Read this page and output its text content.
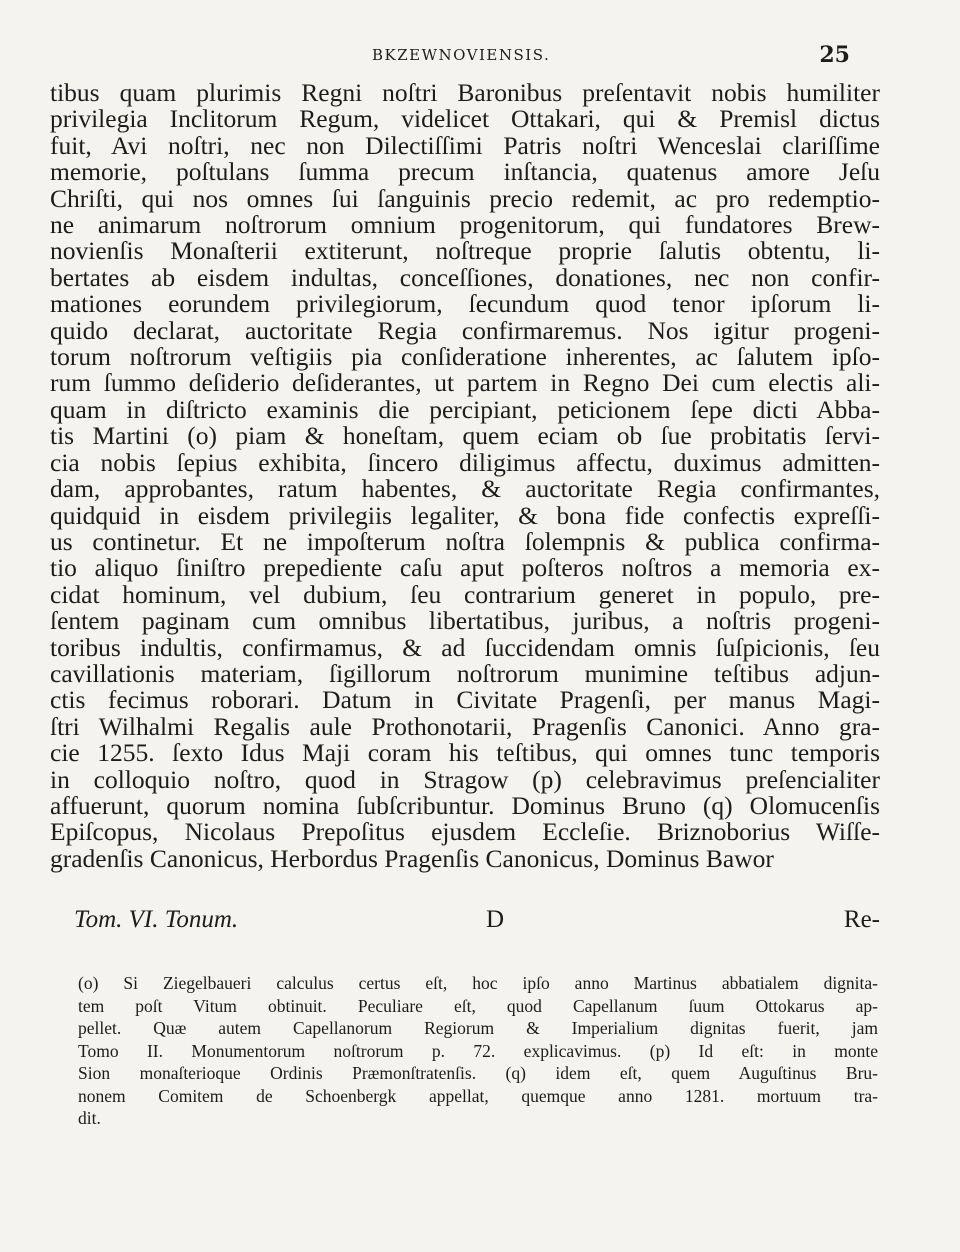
BKZEWNOVIENSIS.	25
tibus quam plurimis Regni noſtri Baronibus preſentavit nobis humiliter
privilegia Inclitorum Regum, videlicet Ottakari, qui & Premisl dictus
fuit, Avi noſtri, nec non Dilectiſſimi Patris noſtri Wenceslai clariſſime
memorie, poſtulans ſumma precum inſtancia, quatenus amore Jeſu
Chriſti, qui nos omnes ſui ſanguinis precio redemit, ac pro redemptio-
ne animarum noſtrorum omnium progenitorum, qui fundatores Brew-
novienſis Monaſterii extiterunt, noſtreque proprie ſalutis obtentu, li-
bertates ab eisdem indultas, conceſſiones, donationes, nec non confir-
mationes eorundem privilegiorum, ſecundum quod tenor ipſorum li-
quido declarat, auctoritate Regia confirmaremus. Nos igitur progeni-
torum noſtrorum veſtigiis pia conſideratione inherentes, ac ſalutem ipſo-
rum ſummo deſiderio deſiderantes, ut partem in Regno Dei cum electis ali-
quam in diſtricto examinis die percipiant, peticionem ſepe dicti Abba-
tis Martini (o) piam & honeſtam, quem eciam ob ſue probitatis ſervi-
cia nobis ſepius exhibita, ſincero diligimus affectu, duximus admitten-
dam, approbantes, ratum habentes, & auctoritate Regia confirmantes,
quidquid in eisdem privilegiis legaliter, & bona fide confectis expreſſi-
us continetur. Et ne impoſterum noſtra ſolempnis & publica confirma-
tio aliquo ſiniſtro prepediente caſu aput poſteros noſtros a memoria ex-
cidat hominum, vel dubium, ſeu contrarium generet in populo, pre-
ſentem paginam cum omnibus libertatibus, juribus, a noſtris progeni-
toribus indultis, confirmamus, & ad ſuccidendam omnis ſuſpicionis, ſeu
cavillationis materiam, ſigillorum noſtrorum munimine teſtibus adjun-
ctis fecimus roborari. Datum in Civitate Pragenſi, per manus Magi-
ſtri Wilhalmi Regalis aule Prothonotarii, Pragenſis Canonici. Anno gra-
cie 1255. ſexto Idus Maji coram his teſtibus, qui omnes tunc temporis
in colloquio noſtro, quod in Stragow (p) celebravimus preſencialiter
affuerunt, quorum nomina ſubſcribuntur. Dominus Bruno (q) Olomucenſis
Epiſcopus, Nicolaus Prepoſitus ejusdem Eccleſie. Briznoborius Wiſſe-
gradenſis Canonicus, Herbordus Pragenſis Canonicus, Dominus Bawor
Tom. VI. Tonum.	D	Re-
(o) Si Ziegelbaueri calculus certus eſt, hoc ipſo anno Martinus abbatialem dignita-
tem poſt Vitum obtinuit. Peculiare eſt, quod Capellanum ſuum Ottokarus ap-
pellet. Quæ autem Capellanorum Regiorum & Imperialium dignitas fuerit, jam
Tomo II. Monumentorum noſtrorum p. 72. explicavimus. (p) Id eſt: in monte
Sion monaſterioque Ordinis Præmonſtratenſis. (q) idem eſt, quem Auguſtinus Bru-
nonem Comitem de Schoenbergk appellat, quemque anno 1281. mortuum tra-
dit.
